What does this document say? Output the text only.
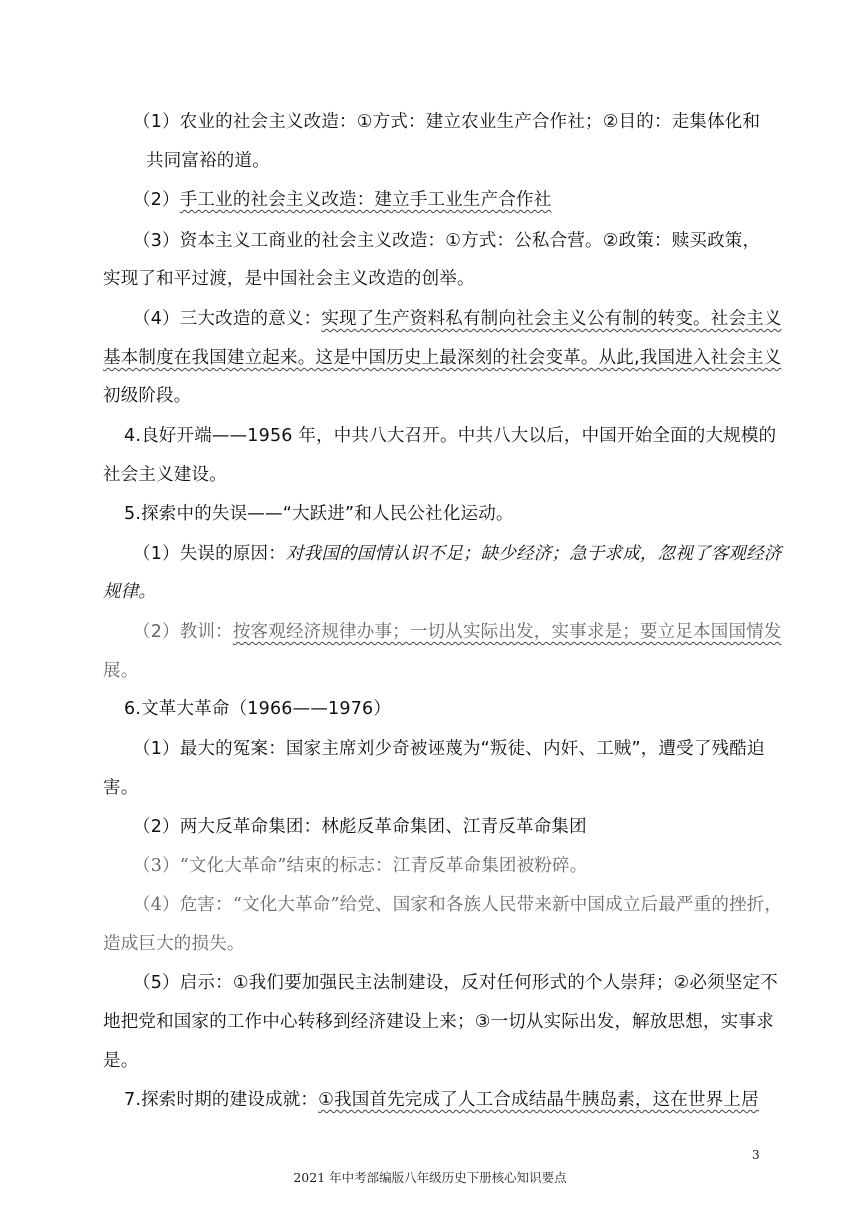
（1）农业的社会主义改造：①方式：建立农业生产合作社；②目的：走集体化和
共同富裕的道。
（2）手工业的社会主义改造：建立手工业生产合作社
（3）资本主义工商业的社会主义改造：①方式：公私合营。②政策：赎买政策，
实现了和平过渡，是中国社会主义改造的创举。
（4）三大改造的意义：实现了生产资料私有制向社会主义公有制的转变。社会主义
基本制度在我国建立起来。这是中国历史上最深刻的社会变革。从此,我国进入社会主义
初级阶段。
4.良好开端——1956 年，中共八大召开。中共八大以后，中国开始全面的大规模的
社会主义建设。
5.探索中的失误——“大跃进”和人民公社化运动。
（1）失误的原因：对我国的国情认识不足；缺少经济；急于求成，忽视了客观经济
规律。
（2）教训：按客观经济规律办事；一切从实际出发，实事求是；要立足本国国情发
展。
6.文革大革命（1966——1976）
（1）最大的冤案：国家主席刘少奇被诬蔑为“叛徒、内奸、工贼”，遭受了残酷迫
害。
（2）两大反革命集团：林彪反革命集团、江青反革命集团
（3）“文化大革命”结束的标志：江青反革命集团被粉碎。
（4）危害：“文化大革命”给党、国家和各族人民带来新中国成立后最严重的挫折，
造成巨大的损失。
（5）启示：①我们要加强民主法制建设，反对任何形式的个人崇拜；②必须坚定不
地把党和国家的工作中心转移到经济建设上来；③一切从实际出发，解放思想，实事求
是。
7.探索时期的建设成就：①我国首先完成了人工合成结晶牛胰岛素，这在世界上居
3
2021 年中考部编版八年级历史下册核心知识要点
